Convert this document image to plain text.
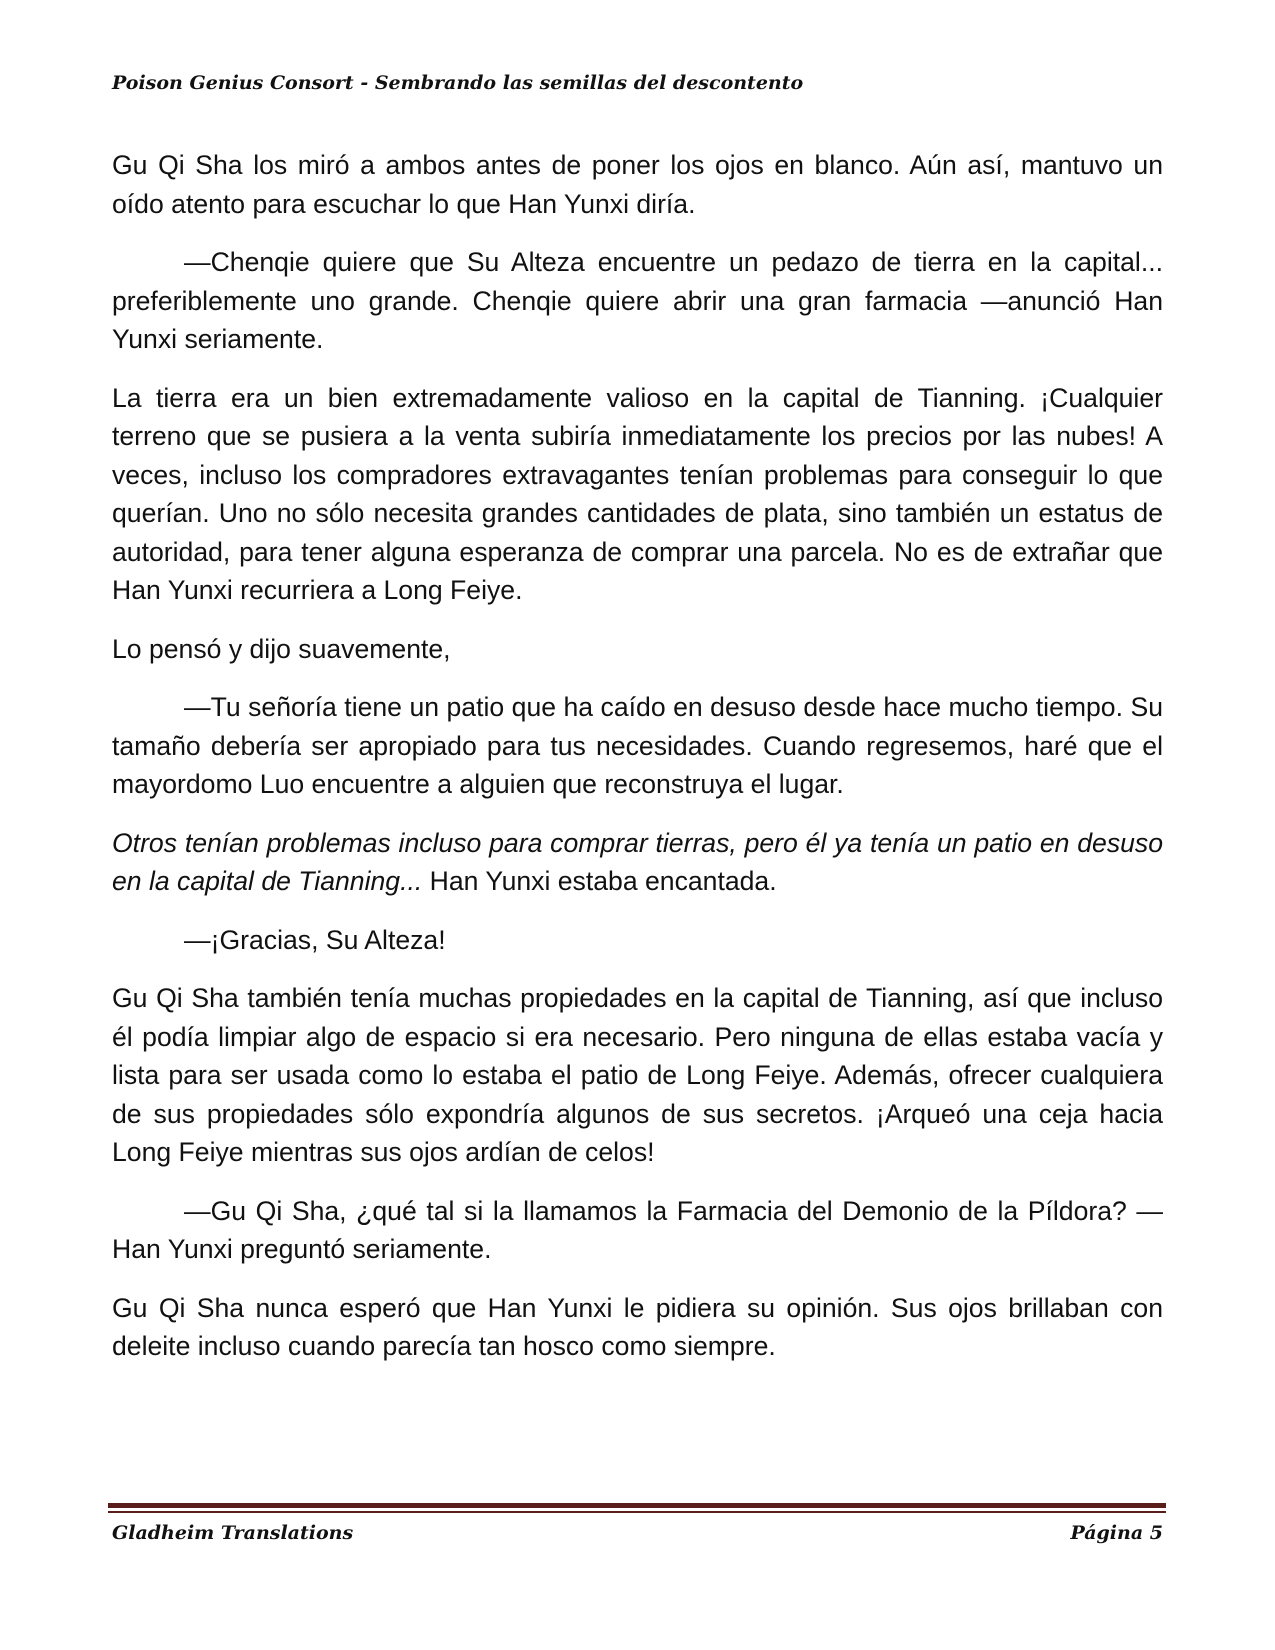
Poison Genius Consort - Sembrando las semillas del descontento

Gu Qi Sha los miró a ambos antes de poner los ojos en blanco. Aún así, mantuvo un oído atento para escuchar lo que Han Yunxi diría.

—Chenqie quiere que Su Alteza encuentre un pedazo de tierra en la capital... preferiblemente uno grande. Chenqie quiere abrir una gran farmacia —anunció Han Yunxi seriamente.

La tierra era un bien extremadamente valioso en la capital de Tianning. ¡Cualquier terreno que se pusiera a la venta subiría inmediatamente los precios por las nubes! A veces, incluso los compradores extravagantes tenían problemas para conseguir lo que querían. Uno no sólo necesita grandes cantidades de plata, sino también un estatus de autoridad, para tener alguna esperanza de comprar una parcela. No es de extrañar que Han Yunxi recurriera a Long Feiye.

Lo pensó y dijo suavemente,

—Tu señoría tiene un patio que ha caído en desuso desde hace mucho tiempo. Su tamaño debería ser apropiado para tus necesidades. Cuando regresemos, haré que el mayordomo Luo encuentre a alguien que reconstruya el lugar.

Otros tenían problemas incluso para comprar tierras, pero él ya tenía un patio en desuso en la capital de Tianning... Han Yunxi estaba encantada.

—¡Gracias, Su Alteza!

Gu Qi Sha también tenía muchas propiedades en la capital de Tianning, así que incluso él podía limpiar algo de espacio si era necesario. Pero ninguna de ellas estaba vacía y lista para ser usada como lo estaba el patio de Long Feiye. Además, ofrecer cualquiera de sus propiedades sólo expondría algunos de sus secretos. ¡Arqueó una ceja hacia Long Feiye mientras sus ojos ardían de celos!

—Gu Qi Sha, ¿qué tal si la llamamos la Farmacia del Demonio de la Píldora? —Han Yunxi preguntó seriamente.

Gu Qi Sha nunca esperó que Han Yunxi le pidiera su opinión. Sus ojos brillaban con deleite incluso cuando parecía tan hosco como siempre.

Gladheim Translations	Página 5
